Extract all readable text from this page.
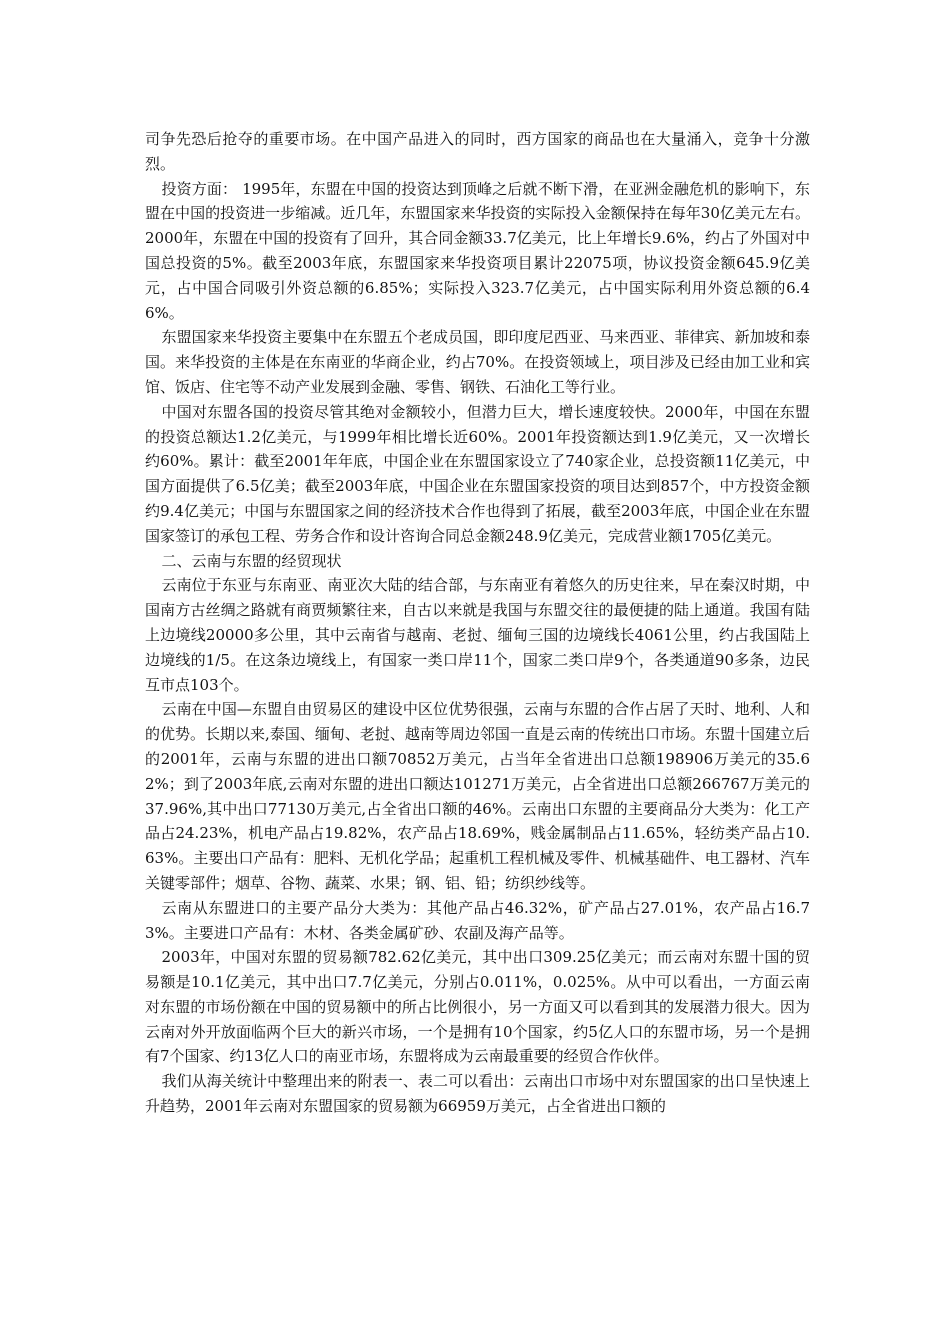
司争先恐后抢夺的重要市场。在中国产品进入的同时，西方国家的商品也在大量涌入，竞争十分激烈。

投资方面： 1995年，东盟在中国的投资达到顶峰之后就不断下滑，在亚洲金融危机的影响下，东盟在中国的投资进一步缩减。近几年，东盟国家来华投资的实际投入金额保持在每年30亿美元左右。2000年，东盟在中国的投资有了回升，其合同金额33.7亿美元，比上年增长9.6%，约占了外国对中国总投资的5%。截至2003年底，东盟国家来华投资项目累计22075项，协议投资金额645.9亿美元，占中国合同吸引外资总额的6.85%；实际投入323.7亿美元，占中国实际利用外资总额的6.46%。

东盟国家来华投资主要集中在东盟五个老成员国，即印度尼西亚、马来西亚、菲律宾、新加坡和泰国。来华投资的主体是在东南亚的华商企业，约占70%。在投资领域上，项目涉及已经由加工业和宾馆、饭店、住宅等不动产业发展到金融、零售、钢铁、石油化工等行业。

中国对东盟各国的投资尽管其绝对金额较小，但潜力巨大，增长速度较快。2000年，中国在东盟的投资总额达1.2亿美元，与1999年相比增长近60%。2001年投资额达到1.9亿美元，又一次增长约60%。累计：截至2001年年底，中国企业在东盟国家设立了740家企业，总投资额11亿美元，中国方面提供了6.5亿美；截至2003年底，中国企业在东盟国家投资的项目达到857个，中方投资金额约9.4亿美元；中国与东盟国家之间的经济技术合作也得到了拓展，截至2003年底，中国企业在东盟国家签订的承包工程、劳务合作和设计咨询合同总金额248.9亿美元，完成营业额1705亿美元。

二、云南与东盟的经贸现状

云南位于东亚与东南亚、南亚次大陆的结合部，与东南亚有着悠久的历史往来，早在秦汉时期，中国南方古丝绸之路就有商贾频繁往来，自古以来就是我国与东盟交往的最便捷的陆上通道。我国有陆上边境线20000多公里，其中云南省与越南、老挝、缅甸三国的边境线长4061公里，约占我国陆上边境线的1/5。在这条边境线上，有国家一类口岸11个，国家二类口岸9个，各类通道90多条，边民互市点103个。

云南在中国—东盟自由贸易区的建设中区位优势很强，云南与东盟的合作占居了天时、地利、人和的优势。长期以来,泰国、缅甸、老挝、越南等周边邻国一直是云南的传统出口市场。东盟十国建立后的2001年，云南与东盟的进出口额70852万美元，占当年全省进出口总额198906万美元的35.62%；到了2003年底,云南对东盟的进出口额达101271万美元，占全省进出口总额266767万美元的37.96%,其中出口77130万美元,占全省出口额的46%。云南出口东盟的主要商品分大类为：化工产品占24.23%，机电产品占19.82%，农产品占18.69%，贱金属制品占11.65%，轻纺类产品占10.63%。主要出口产品有：肥料、无机化学品；起重机工程机械及零件、机械基础件、电工器材、汽车关键零部件；烟草、谷物、蔬菜、水果；钢、铝、铅；纺织纱线等。

云南从东盟进口的主要产品分大类为：其他产品占46.32%，矿产品占27.01%，农产品占16.73%。主要进口产品有：木材、各类金属矿砂、农副及海产品等。

2003年，中国对东盟的贸易额782.62亿美元，其中出口309.25亿美元；而云南对东盟十国的贸易额是10.1亿美元，其中出口7.7亿美元，分别占0.011%，0.025%。从中可以看出，一方面云南对东盟的市场份额在中国的贸易额中的所占比例很小，另一方面又可以看到其的发展潜力很大。因为云南对外开放面临两个巨大的新兴市场，一个是拥有10个国家，约5亿人口的东盟市场，另一个是拥有7个国家、约13亿人口的南亚市场，东盟将成为云南最重要的经贸合作伙伴。

我们从海关统计中整理出来的附表一、表二可以看出：云南出口市场中对东盟国家的出口呈快速上升趋势，2001年云南对东盟国家的贸易额为66959万美元，占全省进出口额的
